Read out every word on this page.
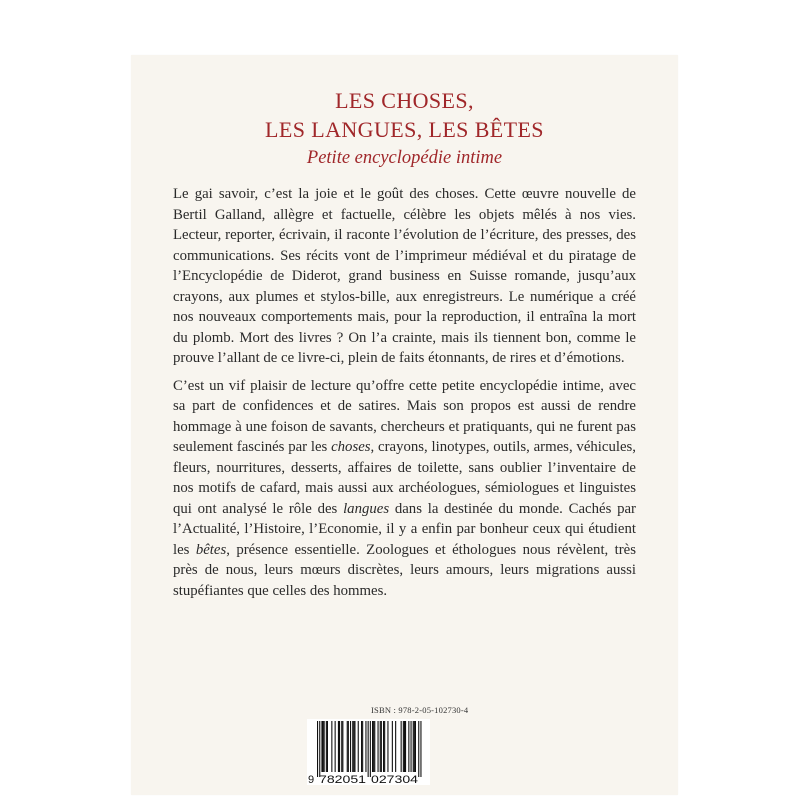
LES CHOSES,
LES LANGUES, LES BÊTES
Petite encyclopédie intime

Le gai savoir, c’est la joie et le goût des choses. Cette œuvre nouvelle de Bertil Galland, allègre et factuelle, célèbre les objets mêlés à nos vies. Lecteur, reporter, écrivain, il raconte l’évolution de l’écriture, des presses, des communications. Ses récits vont de l’imprimeur médiéval et du piratage de l’Encyclopédie de Diderot, grand business en Suisse romande, jusqu’aux crayons, aux plumes et stylos-bille, aux enregistreurs. Le numérique a créé nos nouveaux comportements mais, pour la reproduction, il entraîna la mort du plomb. Mort des livres ? On l’a crainte, mais ils tiennent bon, comme le prouve l’allant de ce livre-ci, plein de faits étonnants, de rires et d’émotions.

C’est un vif plaisir de lecture qu’offre cette petite encyclopédie intime, avec sa part de confidences et de satires. Mais son propos est aussi de rendre hommage à une foison de savants, chercheurs et pratiquants, qui ne furent pas seulement fascinés par les choses, crayons, linotypes, outils, armes, véhicules, fleurs, nourritures, desserts, affaires de toilette, sans oublier l’inventaire de nos motifs de cafard, mais aussi aux archéologues, sémiologues et linguistes qui ont analysé le rôle des langues dans la destinée du monde. Cachés par l’Actualité, l’Histoire, l’Economie, il y a enfin par bonheur ceux qui étudient les bêtes, présence essentielle. Zoologues et éthologues nous révèlent, très près de nous, leurs mœurs discrètes, leurs amours, leurs migrations aussi stupéfiantes que celles des hommes.

ISBN : 978-2-05-102730-4
9 782051 027304
